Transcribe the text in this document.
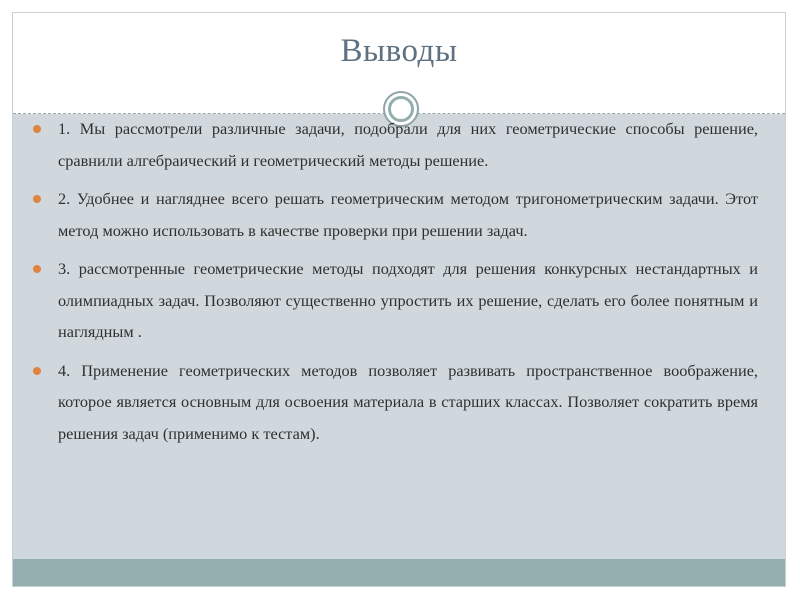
Выводы
1. Мы рассмотрели различные задачи, подобрали для них геометрические способы решение, сравнили алгебраический и геометрический методы решение.
2. Удобнее и нагляднее всего решать геометрическим методом тригонометрическим задачи. Этот метод можно использовать в качестве проверки при решении задач.
3. рассмотренные геометрические методы подходят для решения конкурсных нестандартных и олимпиадных задач. Позволяют существенно упростить их решение, сделать его более понятным и наглядным .
4. Применение геометрических методов позволяет развивать пространственное воображение, которое является основным для освоения материала в старших классах. Позволяет сократить время решения задач (применимо к тестам).
